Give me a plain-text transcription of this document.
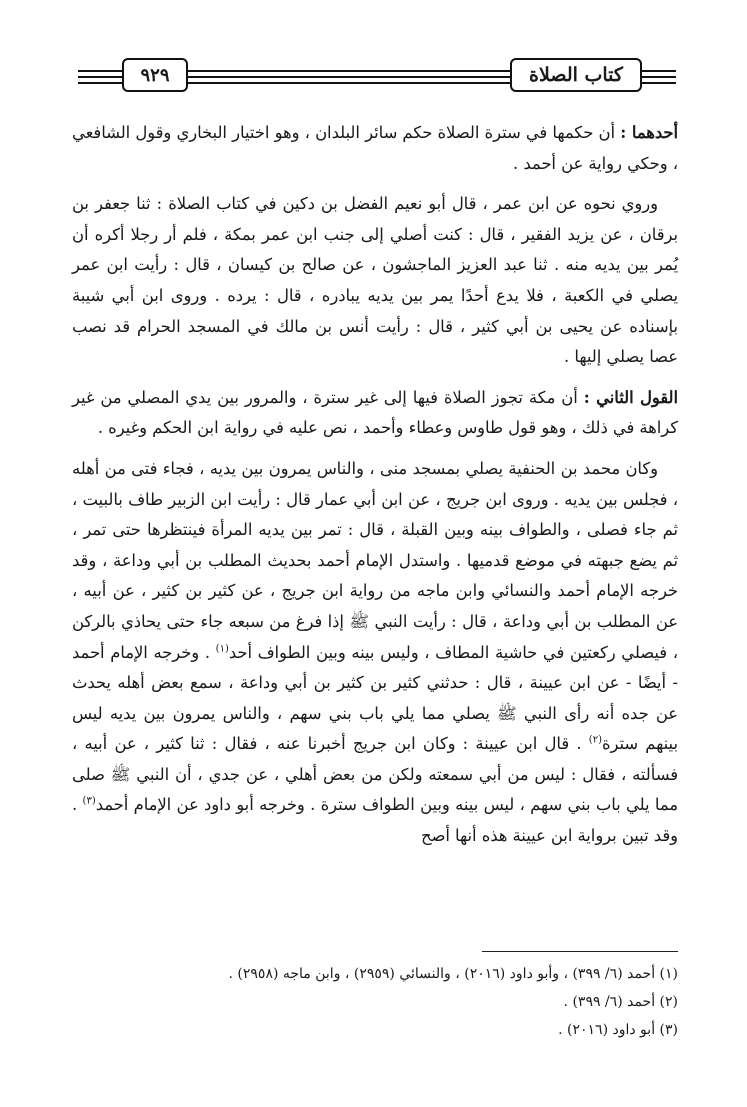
كتاب الصلاة
٩٢٩

أحدهما : أن حكمها في سترة الصلاة حكم سائر البلدان ، وهو اختيار البخاري وقول الشافعي ، وحكي رواية عن أحمد .

وروي نحوه عن ابن عمر ، قال أبو نعيم الفضل بن دكين في كتاب الصلاة : ثنا جعفر بن برقان ، عن يزيد الفقير ، قال : كنت أصلي إلى جنب ابن عمر بمكة ، فلم أر رجلا أكره أن يُمر بين يديه منه . ثنا عبد العزيز الماجشون ، عن صالح بن كيسان ، قال : رأيت ابن عمر يصلي في الكعبة ، فلا يدع أحدًا يمر بين يديه يبادره ، قال : يرده . وروى ابن أبي شيبة بإسناده عن يحيى بن أبي كثير ، قال : رأيت أنس بن مالك في المسجد الحرام قد نصب عصا يصلي إليها .

القول الثاني : أن مكة تجوز الصلاة فيها إلى غير سترة ، والمرور بين يدي المصلي من غير كراهة في ذلك ، وهو قول طاوس وعطاء وأحمد ، نص عليه في رواية ابن الحكم وغيره .

وكان محمد بن الحنفية يصلي بمسجد منى ، والناس يمرون بين يديه ، فجاء فتى من أهله ، فجلس بين يديه . وروى ابن جريج ، عن ابن أبي عمار قال : رأيت ابن الزبير طاف بالبيت ، ثم جاء فصلى ، والطواف بينه وبين القبلة ، قال : تمر بين يديه المرأة فينتظرها حتى تمر ، ثم يضع جبهته في موضع قدميها . واستدل الإمام أحمد بحديث المطلب بن أبي وداعة ، وقد خرجه الإمام أحمد والنسائي وابن ماجه من رواية ابن جريج ، عن كثير بن كثير ، عن أبيه ، عن المطلب بن أبي وداعة ، قال : رأيت النبي ﷺ إذا فرغ من سبعه جاء حتى يحاذي بالركن ، فيصلي ركعتين في حاشية المطاف ، وليس بينه وبين الطواف أحد$^{(١)}$ . وخرجه الإمام أحمد - أيضًا - عن ابن عيينة ، قال : حدثني كثير بن كثير بن أبي وداعة ، سمع بعض أهله يحدث عن جده أنه رأى النبي ﷺ يصلي مما يلي باب بني سهم ، والناس يمرون بين يديه ليس بينهم سترة$^{(٢)}$ . قال ابن عيينة : وكان ابن جريج أخبرنا عنه ، فقال : ثنا كثير ، عن أبيه ، فسألته ، فقال : ليس من أبي سمعته ولكن من بعض أهلي ، عن جدي ، أن النبي ﷺ صلى مما يلي باب بني سهم ، ليس بينه وبين الطواف سترة . وخرجه أبو داود عن الإمام أحمد$^{(٣)}$ . وقد تبين برواية ابن عيينة هذه أنها أصح

(١) أحمد (٦/ ٣٩٩) ، وأبو داود (٢٠١٦) ، والنسائي (٢٩٥٩) ، وابن ماجه (٢٩٥٨) .
(٢) أحمد (٦/ ٣٩٩) .
(٣) أبو داود (٢٠١٦) .
